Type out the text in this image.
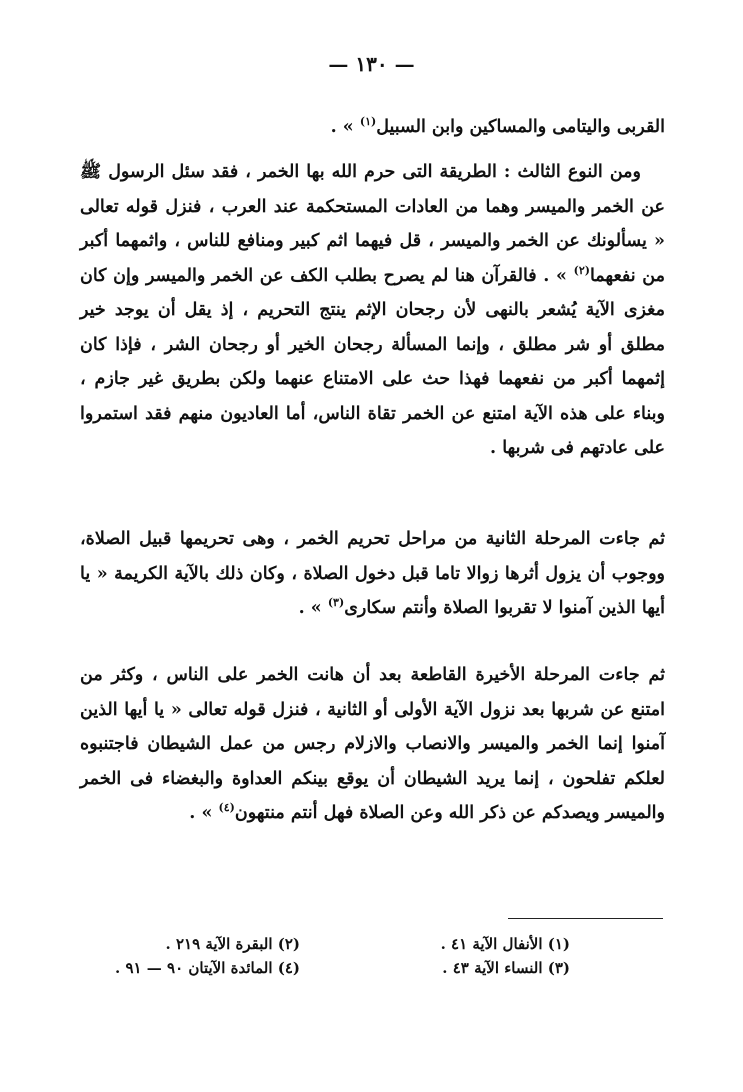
— ١٣٠ —

القربى واليتامى والمساكين وابن السبيل$^{(١)}$ » .

ومن النوع الثالث : الطريقة التى حرم الله بها الخمر ، فقد سئل الرسول ﷺ عن الخمر والميسر وهما من العادات المستحكمة عند العرب ، فنزل قوله تعالى « يسألونك عن الخمر والميسر ، قل فيهما اثم كبير ومنافع للناس ، واثمهما أكبر من نفعهما$^{(٢)}$ » . فالقرآن هنا لم يصرح بطلب الكف عن الخمر والميسر وإن كان مغزى الآية يُشعر بالنهى لأن رجحان الإثم ينتج التحريم ، إذ يقل أن يوجد خير مطلق أو شر مطلق ، وإنما المسألة رجحان الخير أو رجحان الشر ، فإذا كان إثمهما أكبر من نفعهما فهذا حث على الامتناع عنهما ولكن بطريق غير جازم ، وبناء على هذه الآية امتنع عن الخمر تقاة الناس، أما العاديون منهم فقد استمروا على عادتهم فى شربها .

ثم جاءت المرحلة الثانية من مراحل تحريم الخمر ، وهى تحريمها قبيل الصلاة، ووجوب أن يزول أثرها زوالا تاما قبل دخول الصلاة ، وكان ذلك بالآية الكريمة « يا أيها الذين آمنوا لا تقربوا الصلاة وأنتم سكارى$^{(٣)}$ » .

ثم جاءت المرحلة الأخيرة القاطعة بعد أن هانت الخمر على الناس ، وكثر من امتنع عن شربها بعد نزول الآية الأولى أو الثانية ، فنزل قوله تعالى « يا أيها الذين آمنوا إنما الخمر والميسر والانصاب والازلام رجس من عمل الشيطان فاجتنبوه لعلكم تفلحون ، إنما يريد الشيطان أن يوقع بينكم العداوة والبغضاء فى الخمر والميسر ويصدكم عن ذكر الله وعن الصلاة فهل أنتم منتهون$^{(٤)}$ » .

(١) الأنفال الآية ٤١ .
(٢) البقرة الآية ٢١٩ .
(٣) النساء الآية ٤٣ .
(٤) المائدة الآيتان ٩٠ — ٩١ .
